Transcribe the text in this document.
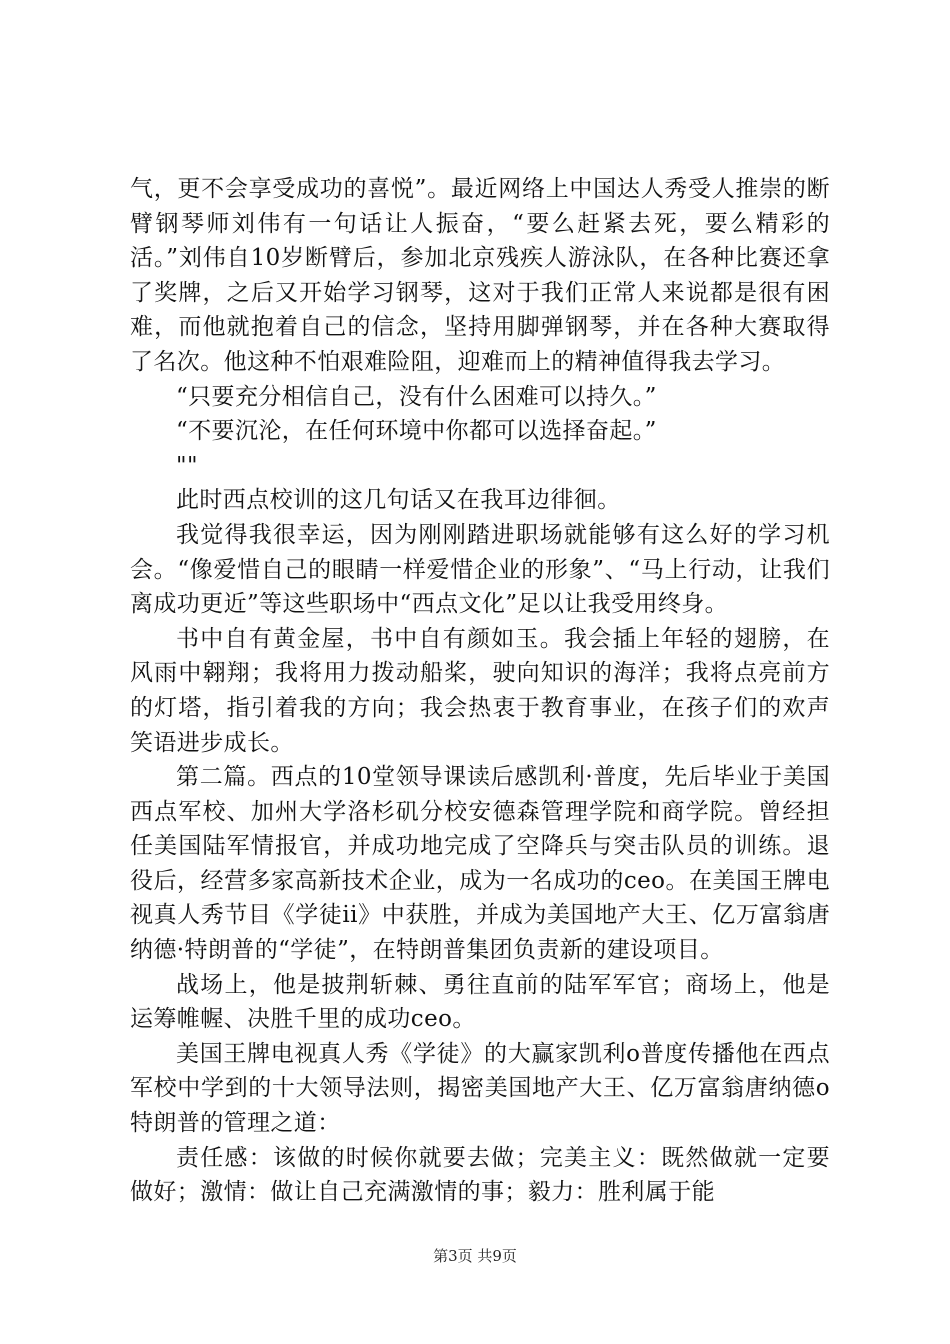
气，更不会享受成功的喜悦”。最近网络上中国达人秀受人推崇的断臂钢琴师刘伟有一句话让人振奋，“要么赶紧去死，要么精彩的活。”刘伟自10岁断臂后，参加北京残疾人游泳队，在各种比赛还拿了奖牌，之后又开始学习钢琴，这对于我们正常人来说都是很有困难，而他就抱着自己的信念，坚持用脚弹钢琴，并在各种大赛取得了名次。他这种不怕艰难险阻，迎难而上的精神值得我去学习。

“只要充分相信自己，没有什么困难可以持久。”

“不要沉沦，在任何环境中你都可以选择奋起。”

""

此时西点校训的这几句话又在我耳边徘徊。

我觉得我很幸运，因为刚刚踏进职场就能够有这么好的学习机会。“像爱惜自己的眼睛一样爱惜企业的形象”、“马上行动，让我们离成功更近”等这些职场中“西点文化”足以让我受用终身。

书中自有黄金屋，书中自有颜如玉。我会插上年轻的翅膀，在风雨中翱翔；我将用力拨动船桨，驶向知识的海洋；我将点亮前方的灯塔，指引着我的方向；我会热衷于教育事业，在孩子们的欢声笑语进步成长。

第二篇。西点的10堂领导课读后感凯利·普度，先后毕业于美国西点军校、加州大学洛杉矶分校安德森管理学院和商学院。曾经担任美国陆军情报官，并成功地完成了空降兵与突击队员的训练。退役后，经营多家高新技术企业，成为一名成功的ceo。在美国王牌电视真人秀节目《学徒ii》中获胜，并成为美国地产大王、亿万富翁唐纳德·特朗普的“学徒”，在特朗普集团负责新的建设项目。

战场上，他是披荆斩棘、勇往直前的陆军军官；商场上，他是运筹帷幄、决胜千里的成功ceo。

美国王牌电视真人秀《学徒》的大赢家凯利o普度传播他在西点军校中学到的十大领导法则，揭密美国地产大王、亿万富翁唐纳德o特朗普的管理之道：

责任感：该做的时候你就要去做；完美主义：既然做就一定要做好；激情：做让自己充满激情的事；毅力：胜利属于能

第3页 共9页
